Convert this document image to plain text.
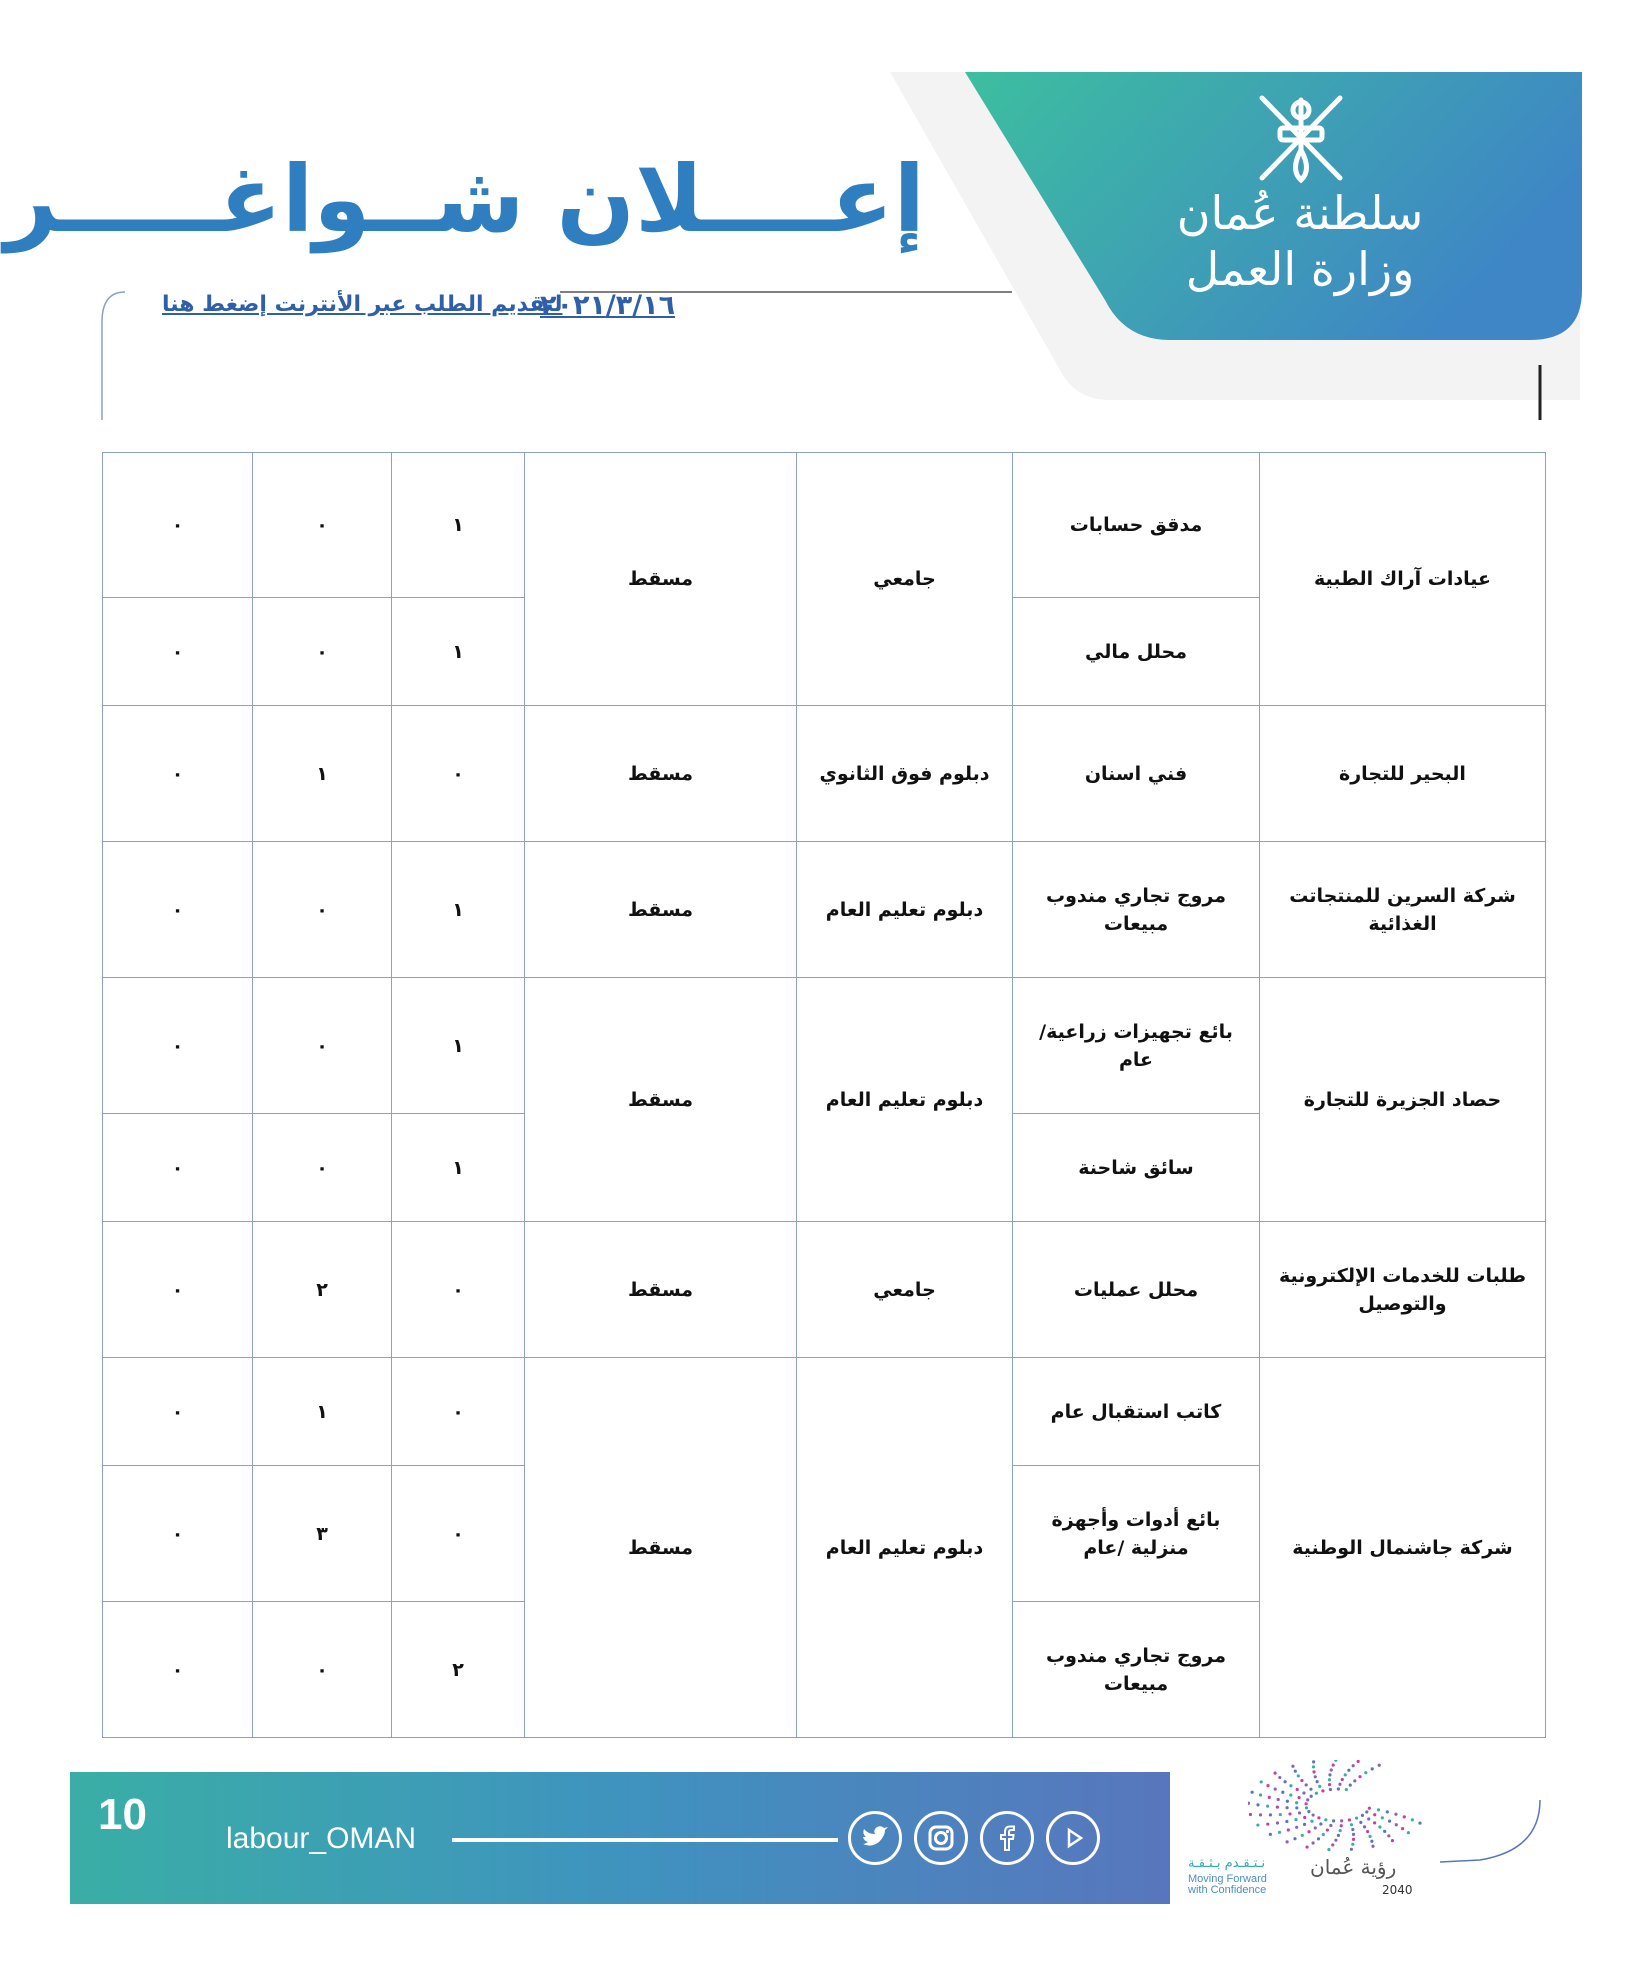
إعــــلان شــواغـــــر	سلطنة عُمان
وزارة العمل
٢٠٢١/٣/١٦
لتقديم الطلب عبر الأنترنت إضغط هنا
عيادات آراك الطبية	مدقق حسابات	جامعي	مسقط	١	٠	٠
	محلل مالي			١	٠	٠
البحير للتجارة	فني اسنان	دبلوم فوق الثانوي	مسقط	٠	١	٠
شركة السرين للمنتجاتت الغذائية	مروج تجاري مندوب مبيعات	دبلوم تعليم العام	مسقط	١	٠	٠
حصاد الجزيرة للتجارة	بائع تجهيزات زراعية/عام	دبلوم تعليم العام	مسقط	١	٠	٠
	سائق شاحنة			١	٠	٠
طلبات للخدمات الإلكترونية والتوصيل	محلل عمليات	جامعي	مسقط	٠	٢	٠
شركة جاشنمال الوطنية	كاتب استقبال عام	دبلوم تعليم العام	مسقط	٠	١	٠
	بائع أدوات وأجهزة منزلية /عام			٠	٣	٠
	مروج تجاري مندوب مبيعات			٢	٠	٠
10	labour_OMAN
رؤية عُمان
2040
نـتـقـدم بـثـقـة
Moving Forward
with Confidence
